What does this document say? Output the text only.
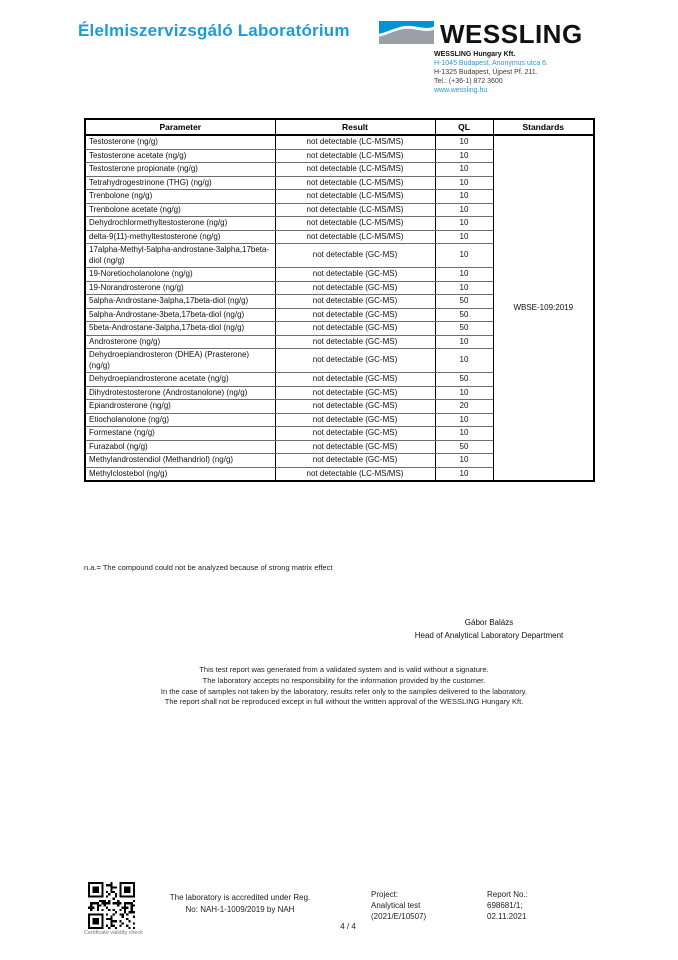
Élelmiszervizsgáló Laboratórium	WESSLING
WESSLING Hungary Kft.
H-1045 Budapest, Anonymus utca 6.
H-1325 Budapest, Újpest Pf. 211.
Tel.: (+36-1) 872 3600
www.wessling.hu
Parameter	Result	QL	Standards
Testosterone (ng/g)	not detectable (LC-MS/MS)	10	WBSE-109:2019
Testosterone acetate (ng/g)	not detectable (LC-MS/MS)	10	
Testosterone propionate (ng/g)	not detectable (LC-MS/MS)	10	
Tetrahydrogestrinone (THG) (ng/g)	not detectable (LC-MS/MS)	10	
Trenbolone (ng/g)	not detectable (LC-MS/MS)	10	
Trenbolone acetate (ng/g)	not detectable (LC-MS/MS)	10	
Dehydrochlormethyltestosterone (ng/g)	not detectable (LC-MS/MS)	10	
delta-9(11)-methyltestosterone (ng/g)	not detectable (LC-MS/MS)	10	
17alpha-Methyl-5alpha-androstane-3alpha,17beta-diol (ng/g)	not detectable (GC-MS)	10	
19-Noretiocholanolone (ng/g)	not detectable (GC-MS)	10	
19-Norandrosterone (ng/g)	not detectable (GC-MS)	10	
5alpha-Androstane-3alpha,17beta-diol (ng/g)	not detectable (GC-MS)	50	
5alpha-Androstane-3beta,17beta-diol (ng/g)	not detectable (GC-MS)	50	
5beta-Androstane-3alpha,17beta-diol (ng/g)	not detectable (GC-MS)	50	
Androsterone (ng/g)	not detectable (GC-MS)	10	
Dehydroepiandrosteron (DHEA) (Prasterone) (ng/g)	not detectable (GC-MS)	10	
Dehydroepiandrosterone acetate (ng/g)	not detectable (GC-MS)	50	
Dihydrotestosterone (Androstanolone) (ng/g)	not detectable (GC-MS)	10	
Epiandrosterone (ng/g)	not detectable (GC-MS)	20	
Etiocholanolone (ng/g)	not detectable (GC-MS)	10	
Formestane (ng/g)	not detectable (GC-MS)	10	
Furazabol (ng/g)	not detectable (GC-MS)	50	
Methylandrostendiol (Methandriol) (ng/g)	not detectable (GC-MS)	10	
Methylclostebol (ng/g)	not detectable (LC-MS/MS)	10	
n.a.= The compound could not be analyzed because of strong matrix effect
Gábor Balázs
Head of Analytical Laboratory Department
This test report was generated from a validated system and is valid without a signature.
The laboratory accepts no responsibility for the information provided by the customer.
In the case of samples not taken by the laboratory, results refer only to the samples delivered to the laboratory.
The report shall not be reproduced except in full without the written approval of the WESSLING Hungary Kft.
Certificate validity check
The laboratory is accredited under Reg.
No: NAH-1-1009/2019 by NAH
4 / 4
Project:
Analytical test
(2021/E/10507)
Report No.:
698681/1;
02.11.2021
